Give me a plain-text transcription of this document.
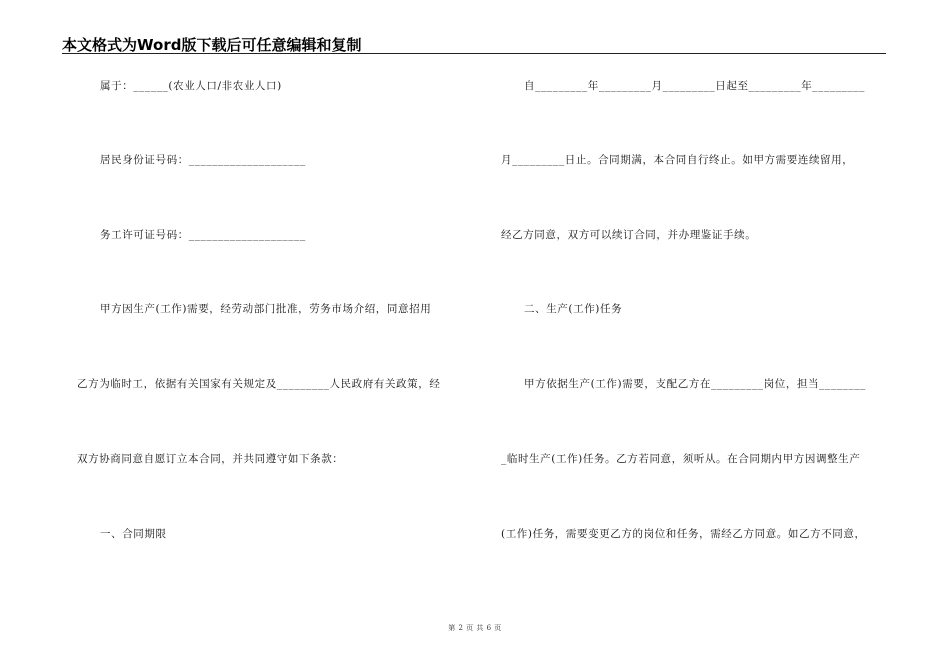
本文格式为Word版下载后可任意编辑和复制
属于：______(农业人口/非农业人口)
居民身份证号码：____________________
务工许可证号码：____________________
甲方因生产(工作)需要，经劳动部门批准，劳务市场介绍，同意招用
乙方为临时工，依据有关国家有关规定及_________人民政府有关政策，经
双方协商同意自愿订立本合同，并共同遵守如下条款：
一、合同期限
自_________年_________月_________日起至_________年_________
月_________日止。合同期满，本合同自行终止。如甲方需要连续留用，
经乙方同意，双方可以续订合同，并办理鉴证手续。
二、生产(工作)任务
甲方依据生产(工作)需要，支配乙方在_________岗位，担当________
_临时生产(工作)任务。乙方若同意，须听从。在合同期内甲方因调整生产
(工作)任务，需要变更乙方的岗位和任务，需经乙方同意。如乙方不同意，
第 2 页 共 6 页
